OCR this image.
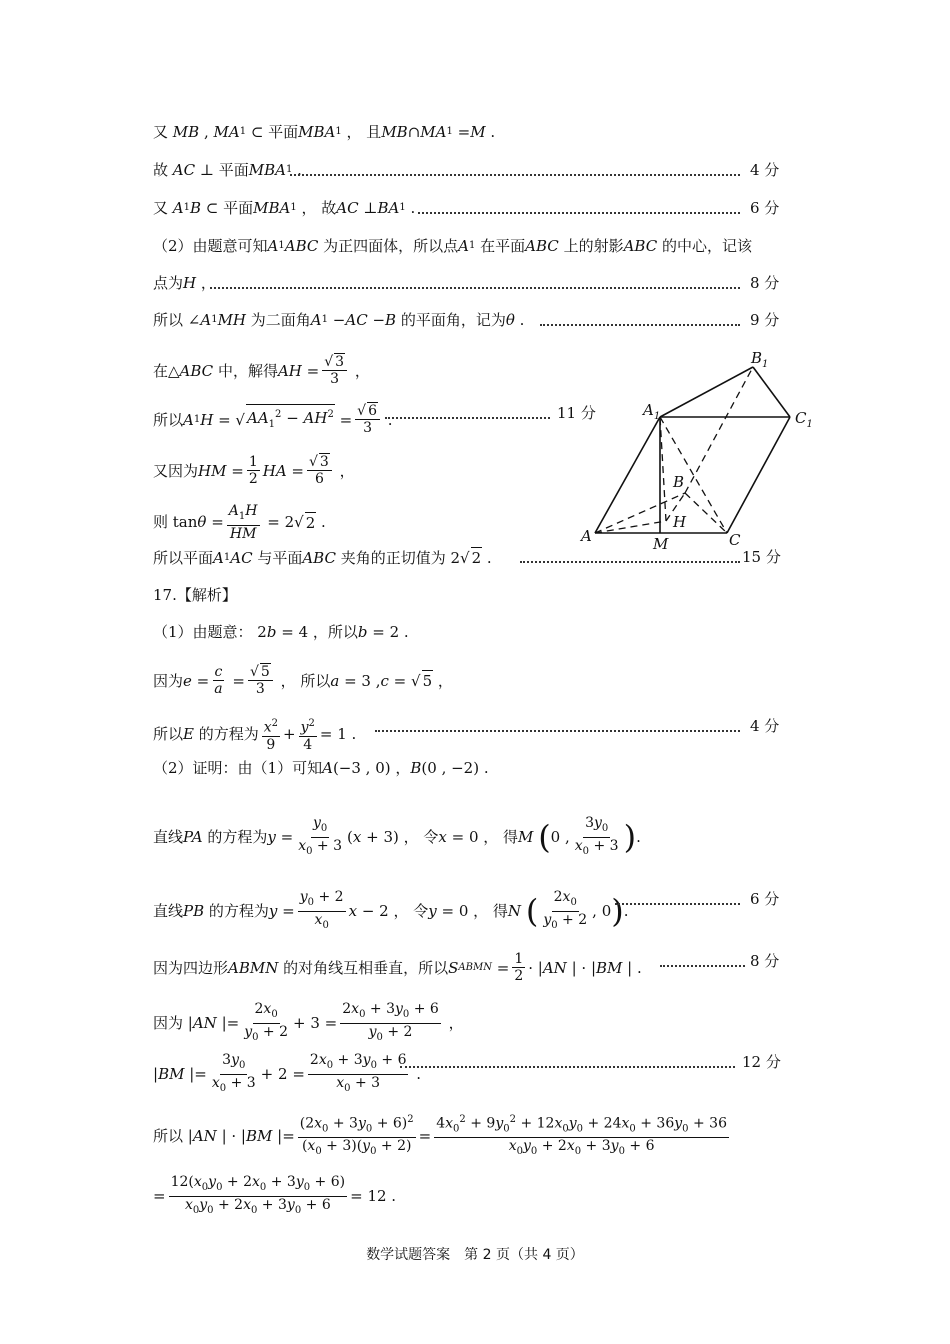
又 MB , MA 1 ⊂ 平面 MBA 1 ， 且 MB ∩ MA 1 = M .
故 AC ⊥ 平面 MBA 1 .	4 分
又 A 1 B ⊂ 平面 MBA 1 ， 故 AC ⊥ BA 1 .	6 分
（2）由题意可知 A 1 ABC 为正四面体，所以点 A 1 在平面 ABC 上的射影 ABC 的中心，记该
点为 H ，	8 分
所以 ∠ A 1 MH 为二面角 A 1 − AC − B 的平面角，记为 θ .	9 分
在△ ABC 中，解得 AH = $\frac{√ 3}{3}$ ，
所以 A 1 H = √ $AA_1^2 - AH^2 = \frac{√ 6}{3}$ .	11 分
又因为 HM = $\frac{1}{2}$ HA = $\frac{√ 3}{6}$ ，
则 $\tan \theta = \frac{A_1H}{HM} = 2√$ 2 .
所以平面 A 1 AC 与平面 ABC 夹角的正切值为 2√ 2 .	15 分
A
$A_1$
B
$B_1$
C
$C_1$
M
H
17.【解析】
（1）由题意： 2 b = 4 ，所以 b = 2 .
因为 $e = \frac{c}{a} = \frac{√ 5}{3}$ ， 所以 a = 3 , c = √ 5 ，
所以 E 的方程为 $\frac{x^2}{9} + \frac{y^2}{4} = 1$ .	4 分
（2）证明：由（1）可知 A (−3 , 0) ， B (0 , −2) .
直线 PA 的方程为 $y = \frac{y_0}{x_0 + 3}$ ( x + 3) ， 令 x = 0 ， 得 M
( 0 , $\frac{3y_0}{x_0 + 3}$ ) .
直线 PB 的方程为 $y = \frac{y_0 + 2}{x_0}$ x − 2 ， 令 y = 0 ， 得 N
( $\frac{2x_0}{y_0 + 2}$ , 0 ) .
6 分
因为四边形 ABMN 的对角线互相垂直，所以 S ABMN = $\frac{1}{2}$ · | AN | · | BM | .	8 分
因为 | AN |= $\frac{2x_0}{y_0 + 2} + 3 = \frac{2x_0 + 3y_0 + 6}{y_0 + 2}$ ，
| BM |= $\frac{3y_0}{x_0 + 3} + 2 = \frac{2x_0 + 3y_0 + 6}{x_0 + 3}$ .
12 分
所以 | AN | · | BM |= $\frac{(2x_0 + 3y_0 + 6)^2}{(x_0 + 3)(y_0 + 2)} = \frac{4x_0^2 + 9y_0^2 + 12x_0y_0 + 24x_0 + 36y_0 + 36}{x_0y_0 + 2x_0 + 3y_0 + 6}$
= $\frac{12(x_0y_0 + 2x_0 + 3y_0 + 6)}{x_0y_0 + 2x_0 + 3y_0 + 6} = 12$ .
数学试题答案　第 2 页（共 4 页）
